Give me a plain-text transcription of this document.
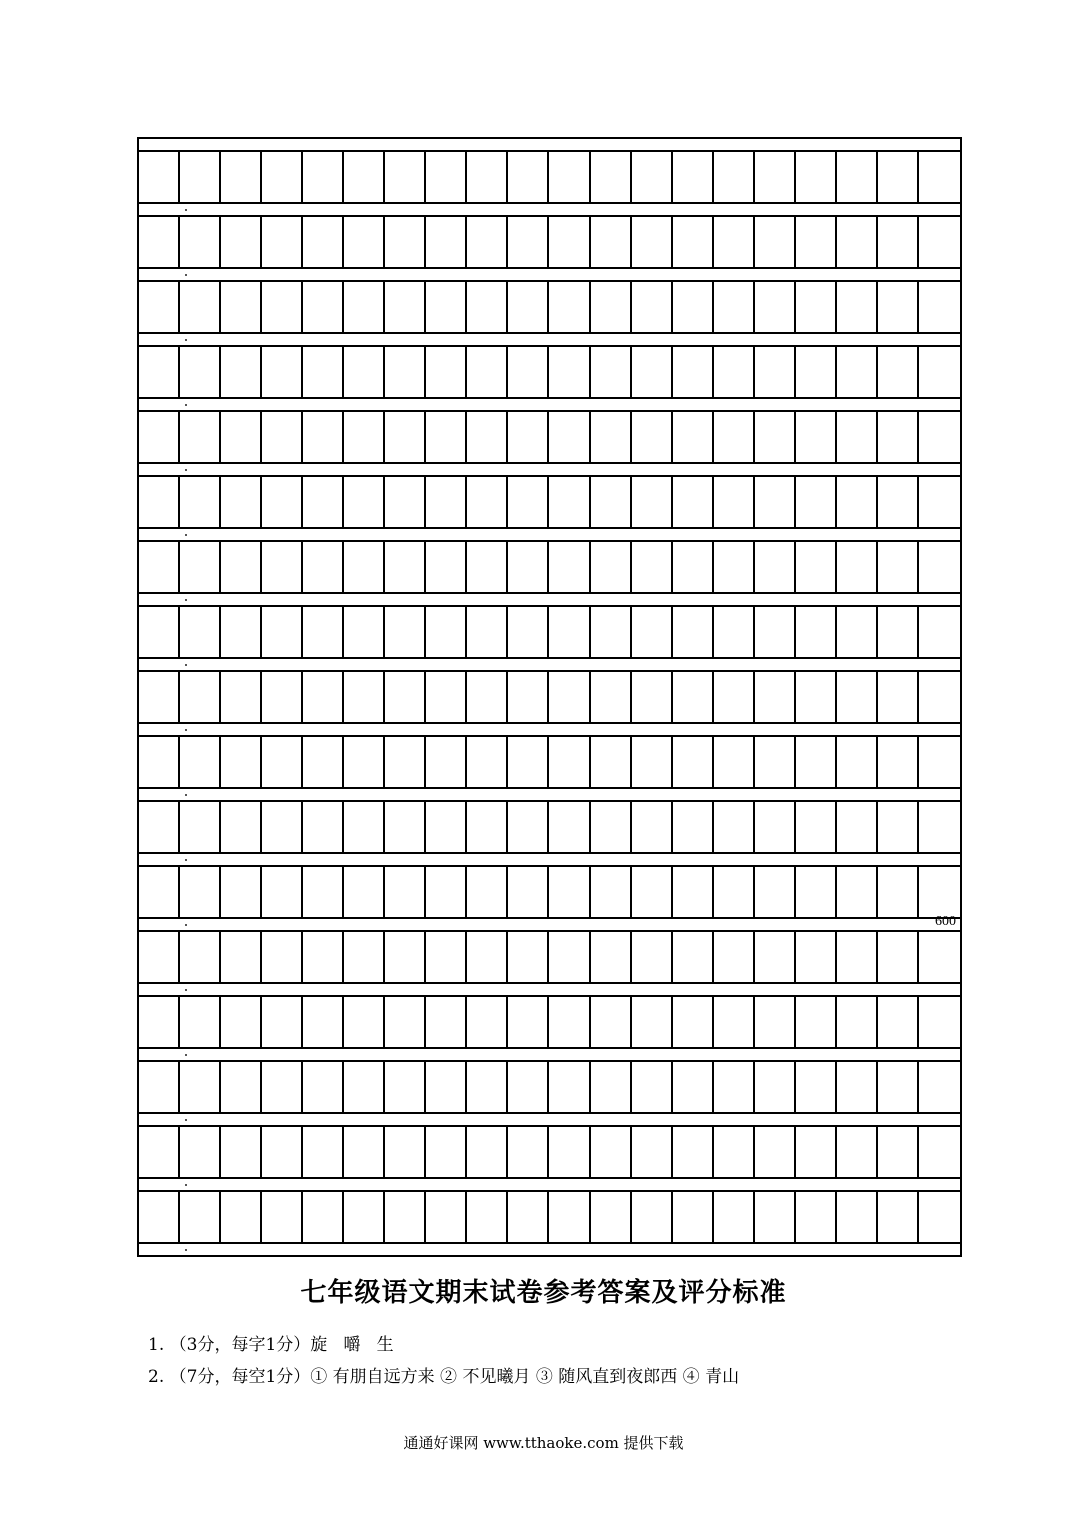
600
七年级语文期末试卷参考答案及评分标准
1. （3分，每字1分）旋   嚼   生
2. （7分，每空1分）① 有朋自远方来 ② 不见曦月 ③ 随风直到夜郎西 ④ 青山
通通好课网 www.tthaoke.com 提供下载
